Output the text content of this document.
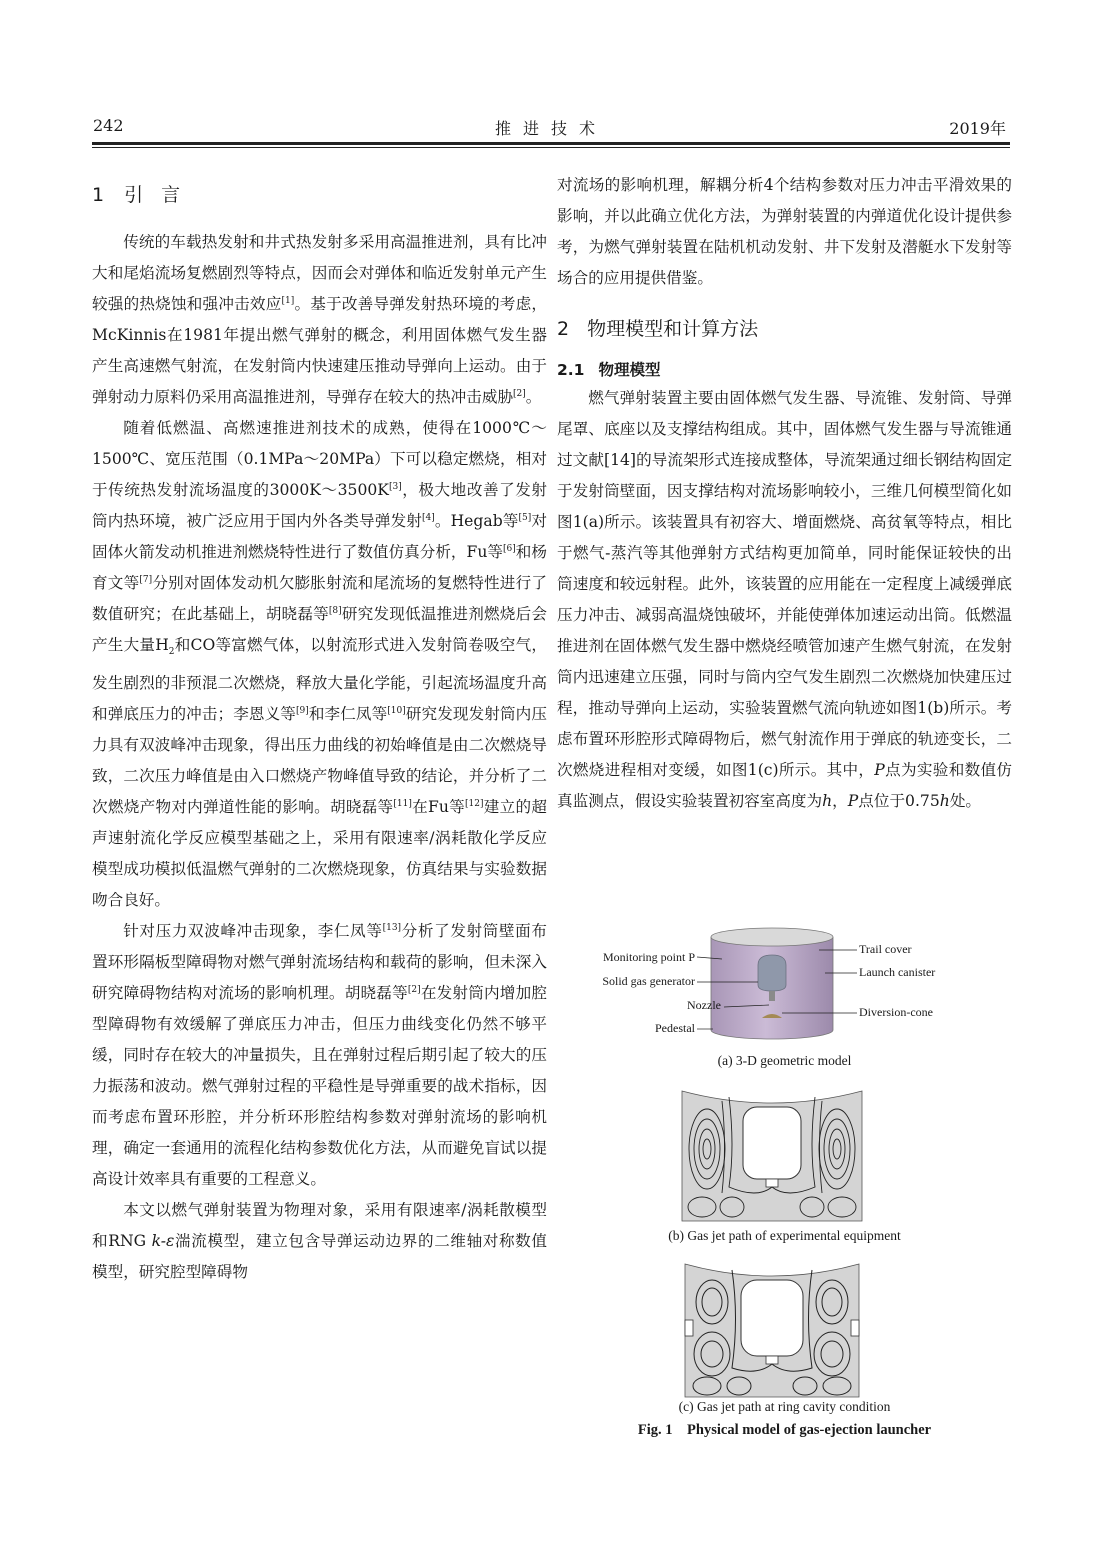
242	推进技术	2019年
1 引  言

传统的车载热发射和井式热发射多采用高温推进剂，具有比冲大和尾焰流场复燃剧烈等特点，因而会对弹体和临近发射单元产生较强的热烧蚀和强冲击效应[1]。基于改善导弹发射热环境的考虑，McKinnis在1981年提出燃气弹射的概念，利用固体燃气发生器产生高速燃气射流，在发射筒内快速建压推动导弹向上运动。由于弹射动力原料仍采用高温推进剂，导弹存在较大的热冲击威胁[2]。

随着低燃温、高燃速推进剂技术的成熟，使得在1000℃～1500℃、宽压范围（0.1MPa～20MPa）下可以稳定燃烧，相对于传统热发射流场温度的3000K～3500K[3]，极大地改善了发射筒内热环境，被广泛应用于国内外各类导弹发射[4]。Hegab等[5]对固体火箭发动机推进剂燃烧特性进行了数值仿真分析，Fu等[6]和杨育文等[7]分别对固体发动机欠膨胀射流和尾流场的复燃特性进行了数值研究；在此基础上，胡晓磊等[8]研究发现低温推进剂燃烧后会产生大量$H_2$和CO等富燃气体，以射流形式进入发射筒卷吸空气，发生剧烈的非预混二次燃烧，释放大量化学能，引起流场温度升高和弹底压力的冲击；李恩义等[9]和李仁凤等[10]研究发现发射筒内压力具有双波峰冲击现象，得出压力曲线的初始峰值是由二次燃烧导致，二次压力峰值是由入口燃烧产物峰值导致的结论，并分析了二次燃烧产物对内弹道性能的影响。胡晓磊等[11]在Fu等[12]建立的超声速射流化学反应模型基础之上，采用有限速率/涡耗散化学反应模型成功模拟低温燃气弹射的二次燃烧现象，仿真结果与实验数据吻合良好。

针对压力双波峰冲击现象，李仁凤等[13]分析了发射筒壁面布置环形隔板型障碍物对燃气弹射流场结构和载荷的影响，但未深入研究障碍物结构对流场的影响机理。胡晓磊等[2]在发射筒内增加腔型障碍物有效缓解了弹底压力冲击，但压力曲线变化仍然不够平缓，同时存在较大的冲量损失，且在弹射过程后期引起了较大的压力振荡和波动。燃气弹射过程的平稳性是导弹重要的战术指标，因而考虑布置环形腔，并分析环形腔结构参数对弹射流场的影响机理，确定一套通用的流程化结构参数优化方法，从而避免盲试以提高设计效率具有重要的工程意义。

本文以燃气弹射装置为物理对象，采用有限速率/涡耗散模型和RNG k-ε湍流模型，建立包含导弹运动边界的二维轴对称数值模型，研究腔型障碍物

对流场的影响机理，解耦分析4个结构参数对压力冲击平滑效果的影响，并以此确立优化方法，为弹射装置的内弹道优化设计提供参考，为燃气弹射装置在陆机机动发射、井下发射及潜艇水下发射等场合的应用提供借鉴。

2 物理模型和计算方法
2.1 物理模型

燃气弹射装置主要由固体燃气发生器、导流锥、发射筒、导弹尾罩、底座以及支撑结构组成。其中，固体燃气发生器与导流锥通过文献[14]的导流架形式连接成整体，导流架通过细长钢结构固定于发射筒壁面，因支撑结构对流场影响较小，三维几何模型简化如图1(a)所示。该装置具有初容大、增面燃烧、高贫氧等特点，相比于燃气-蒸汽等其他弹射方式结构更加简单，同时能保证较快的出筒速度和较远射程。此外，该装置的应用能在一定程度上减缓弹底压力冲击、减弱高温烧蚀破坏，并能使弹体加速运动出筒。低燃温推进剂在固体燃气发生器中燃烧经喷管加速产生燃气射流，在发射筒内迅速建立压强，同时与筒内空气发生剧烈二次燃烧加快建压过程，推动导弹向上运动，实验装置燃气流向轨迹如图1(b)所示。考虑布置环形腔形式障碍物后，燃气射流作用于弹底的轨迹变长，二次燃烧进程相对变缓，如图1(c)所示。其中，P点为实验和数值仿真监测点，假设实验装置初容室高度为h，P点位于0.75h处。

Monitoring point P
Solid gas generator
Nozzle
Pedestal
Trail cover
Launch canister
Diversion-cone
(a) 3-D geometric model
(b) Gas jet path of experimental equipment
(c) Gas jet path at ring cavity condition
Fig. 1    Physical model of gas-ejection launcher
